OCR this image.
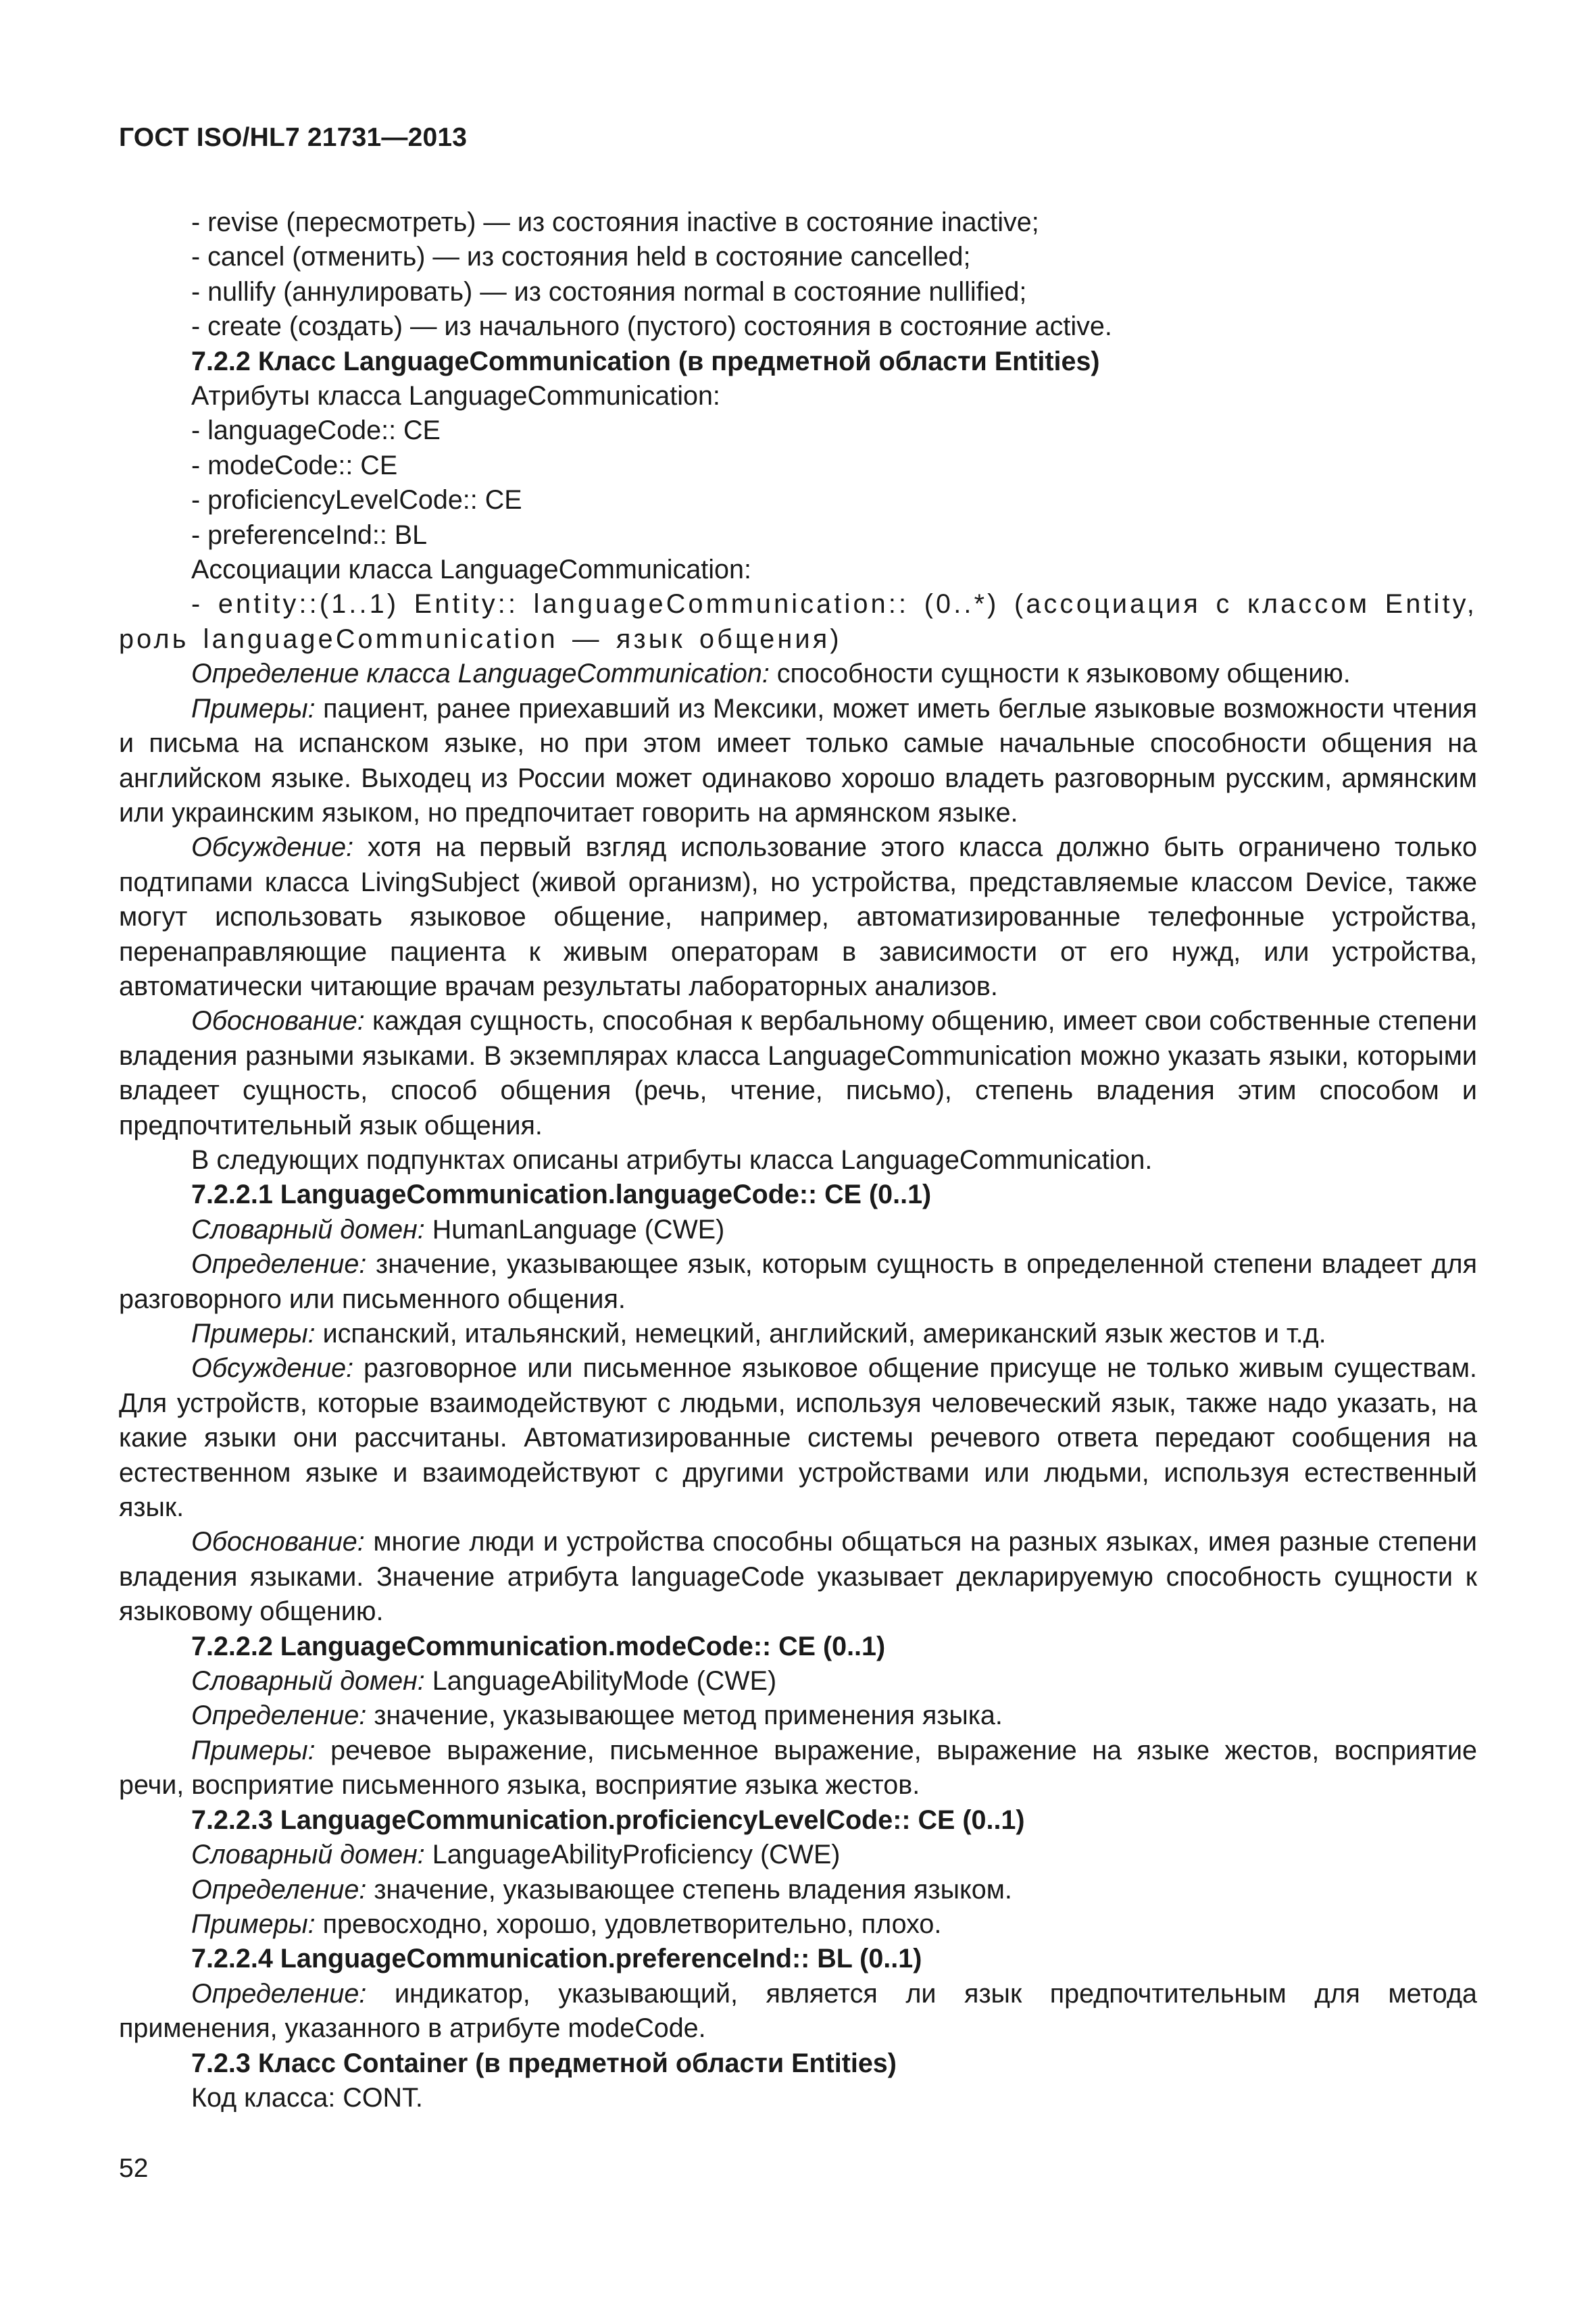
ГОСТ ISO/HL7 21731—2013

- revise (пересмотреть) — из состояния inactive в состояние inactive;

- cancel (отменить) — из состояния held в состояние cancelled;

- nullify (аннулировать) — из состояния normal в состояние nullified;

- create (создать) — из начального (пустого) состояния в состояние active.

7.2.2 Класс LanguageCommunication (в предметной области Entities)

Атрибуты класса LanguageCommunication:

- languageCode:: CE

- modeCode:: CE

- proficiencyLevelCode:: CE

- preferenceInd:: BL

Ассоциации класса LanguageCommunication:

- entity::(1..1) Entity:: languageCommunication:: (0..*) (ассоциация с классом Entity, роль languageCommunication — язык общения)

Определение класса LanguageCommunication: способности сущности к языковому общению.

Примеры: пациент, ранее приехавший из Мексики, может иметь беглые языковые возможности чтения и письма на испанском языке, но при этом имеет только самые начальные способности общения на английском языке. Выходец из России может одинаково хорошо владеть разговорным русским, армянским или украинским языком, но предпочитает говорить на армянском языке.

Обсуждение: хотя на первый взгляд использование этого класса должно быть ограничено только подтипами класса LivingSubject (живой организм), но устройства, представляемые классом Device, также могут использовать языковое общение, например, автоматизированные телефонные устройства, перенаправляющие пациента к живым операторам в зависимости от его нужд, или устройства, автоматически читающие врачам результаты лабораторных анализов.

Обоснование: каждая сущность, способная к вербальному общению, имеет свои собственные степени владения разными языками. В экземплярах класса LanguageCommunication можно указать языки, которыми владеет сущность, способ общения (речь, чтение, письмо), степень владения этим способом и предпочтительный язык общения.

В следующих подпунктах описаны атрибуты класса LanguageCommunication.

7.2.2.1 LanguageCommunication.languageCode:: CE (0..1)

Словарный домен: HumanLanguage (CWE)

Определение: значение, указывающее язык, которым сущность в определенной степени владеет для разговорного или письменного общения.

Примеры: испанский, итальянский, немецкий, английский, американский язык жестов и т.д.

Обсуждение: разговорное или письменное языковое общение присуще не только живым существам. Для устройств, которые взаимодействуют с людьми, используя человеческий язык, также надо указать, на какие языки они рассчитаны. Автоматизированные системы речевого ответа передают сообщения на естественном языке и взаимодействуют с другими устройствами или людьми, используя естественный язык.

Обоснование: многие люди и устройства способны общаться на разных языках, имея разные степени владения языками. Значение атрибута languageCode указывает декларируемую способность сущности к языковому общению.

7.2.2.2 LanguageCommunication.modeCode:: CE (0..1)

Словарный домен: LanguageAbilityMode (CWE)

Определение: значение, указывающее метод применения языка.

Примеры: речевое выражение, письменное выражение, выражение на языке жестов, восприятие речи, восприятие письменного языка, восприятие языка жестов.

7.2.2.3 LanguageCommunication.proficiencyLevelCode:: CE (0..1)

Словарный домен: LanguageAbilityProficiency (CWE)

Определение: значение, указывающее степень владения языком.

Примеры: превосходно, хорошо, удовлетворительно, плохо.

7.2.2.4 LanguageCommunication.preferenceInd:: BL (0..1)

Определение: индикатор, указывающий, является ли язык предпочтительным для метода применения, указанного в атрибуте modeCode.

7.2.3 Класс Container (в предметной области Entities)

Код класса: CONT.

52
